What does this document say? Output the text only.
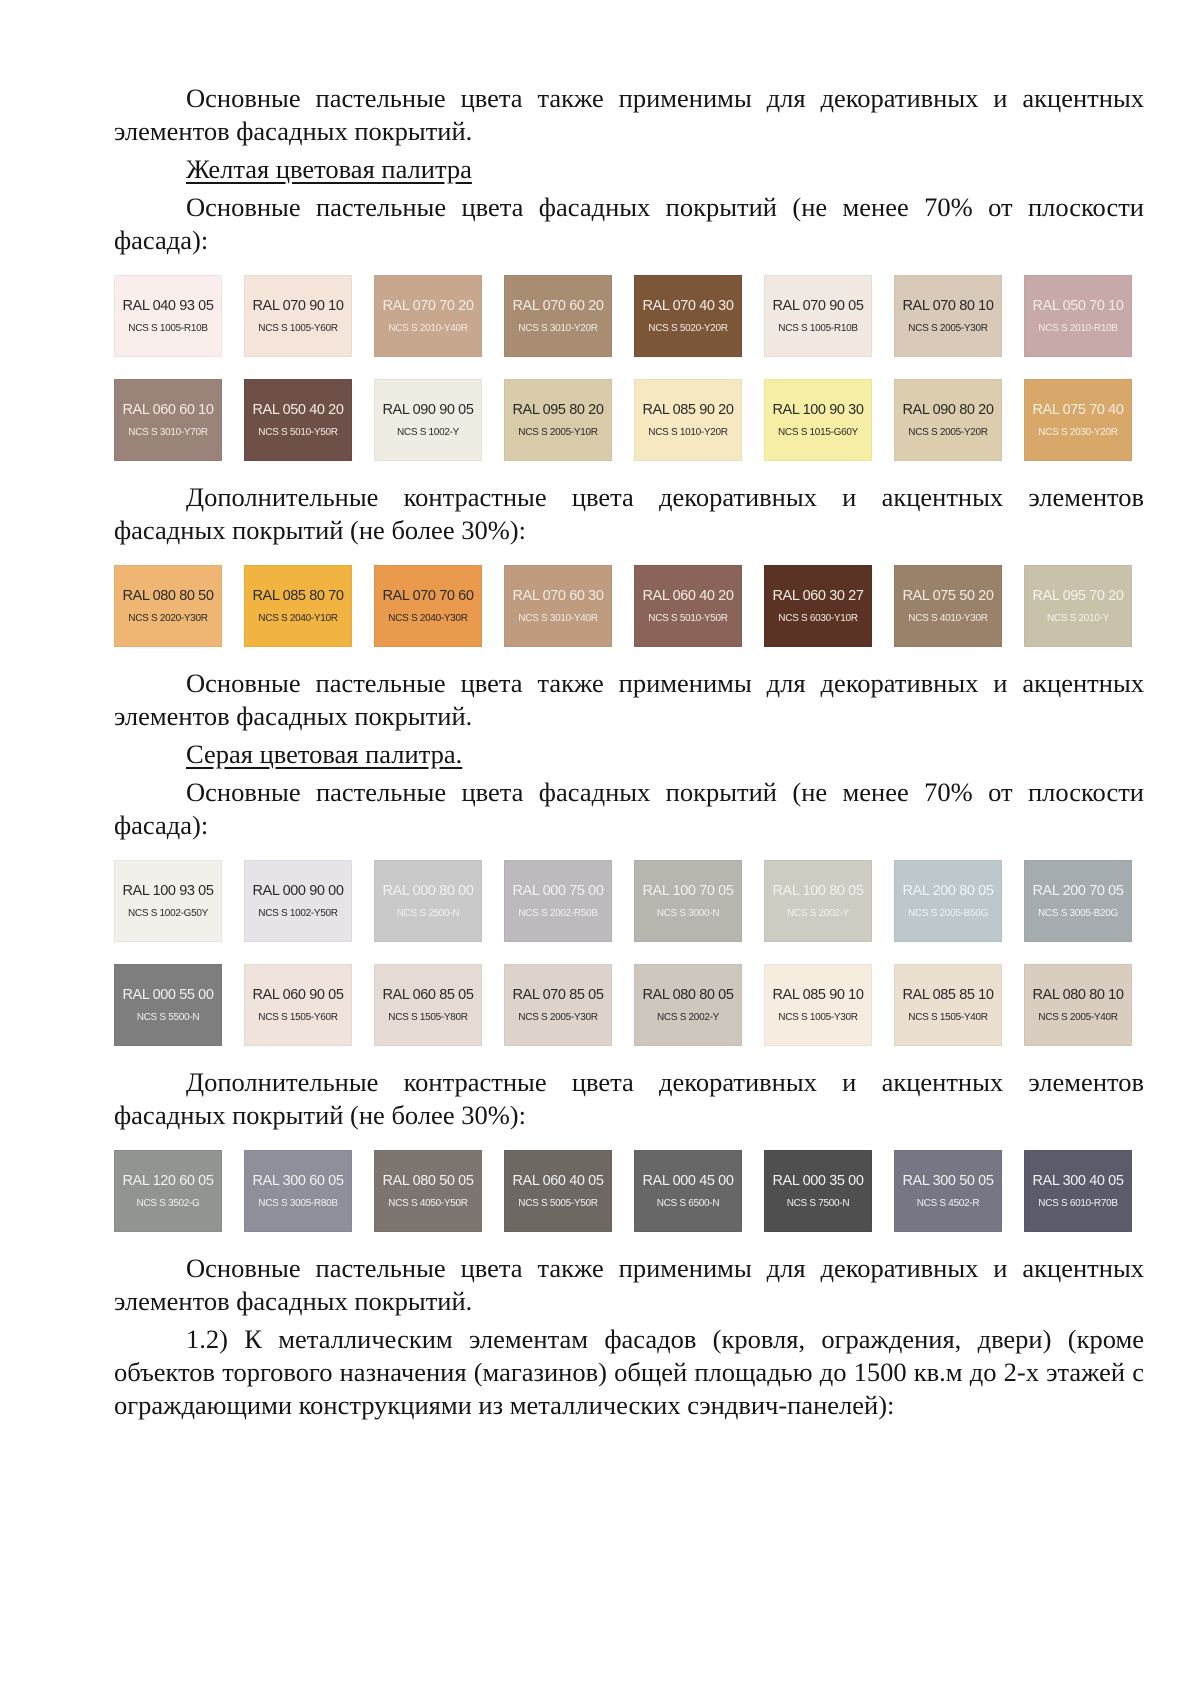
Основные пастельные цвета также применимы для декоративных и акцентных элементов фасадных покрытий.

Желтая цветовая палитра

Основные пастельные цвета фасадных покрытий (не менее 70% от плоскости фасада):

RAL 040 93 05
NCS S 1005-R10B
RAL 070 90 10
NCS S 1005-Y60R
RAL 070 70 20
NCS S 2010-Y40R
RAL 070 60 20
NCS S 3010-Y20R
RAL 070 40 30
NCS S 5020-Y20R
RAL 070 90 05
NCS S 1005-R10B
RAL 070 80 10
NCS S 2005-Y30R
RAL 050 70 10
NCS S 2010-R10B
RAL 060 60 10
NCS S 3010-Y70R
RAL 050 40 20
NCS S 5010-Y50R
RAL 090 90 05
NCS S 1002-Y
RAL 095 80 20
NCS S 2005-Y10R
RAL 085 90 20
NCS S 1010-Y20R
RAL 100 90 30
NCS S 1015-G60Y
RAL 090 80 20
NCS S 2005-Y20R
RAL 075 70 40
NCS S 2030-Y20R

Дополнительные контрастные цвета декоративных и акцентных элементов фасадных покрытий (не более 30%):

RAL 080 80 50
NCS S 2020-Y30R
RAL 085 80 70
NCS S 2040-Y10R
RAL 070 70 60
NCS S 2040-Y30R
RAL 070 60 30
NCS S 3010-Y40R
RAL 060 40 20
NCS S 5010-Y50R
RAL 060 30 27
NCS S 6030-Y10R
RAL 075 50 20
NCS S 4010-Y30R
RAL 095 70 20
NCS S 2010-Y

Основные пастельные цвета также применимы для декоративных и акцентных элементов фасадных покрытий.

Серая цветовая палитра.

Основные пастельные цвета фасадных покрытий (не менее 70% от плоскости фасада):

RAL 100 93 05
NCS S 1002-G50Y
RAL 000 90 00
NCS S 1002-Y50R
RAL 000 80 00
NCS S 2500-N
RAL 000 75 00
NCS S 2002-R50B
RAL 100 70 05
NCS S 3000-N
RAL 100 80 05
NCS S 2002-Y
RAL 200 80 05
NCS S 2005-B50G
RAL 200 70 05
NCS S 3005-B20G
RAL 000 55 00
NCS S 5500-N
RAL 060 90 05
NCS S 1505-Y60R
RAL 060 85 05
NCS S 1505-Y80R
RAL 070 85 05
NCS S 2005-Y30R
RAL 080 80 05
NCS S 2002-Y
RAL 085 90 10
NCS S 1005-Y30R
RAL 085 85 10
NCS S 1505-Y40R
RAL 080 80 10
NCS S 2005-Y40R

Дополнительные контрастные цвета декоративных и акцентных элементов фасадных покрытий (не более 30%):

RAL 120 60 05
NCS S 3502-G
RAL 300 60 05
NCS S 3005-R80B
RAL 080 50 05
NCS S 4050-Y50R
RAL 060 40 05
NCS S 5005-Y50R
RAL 000 45 00
NCS S 6500-N
RAL 000 35 00
NCS S 7500-N
RAL 300 50 05
NCS S 4502-R
RAL 300 40 05
NCS S 6010-R70B

Основные пастельные цвета также применимы для декоративных и акцентных элементов фасадных покрытий.

1.2) К металлическим элементам фасадов (кровля, ограждения, двери) (кроме объектов торгового назначения (магазинов) общей площадью до 1500 кв.м до 2-х этажей с ограждающими конструкциями из металлических сэндвич-панелей):
